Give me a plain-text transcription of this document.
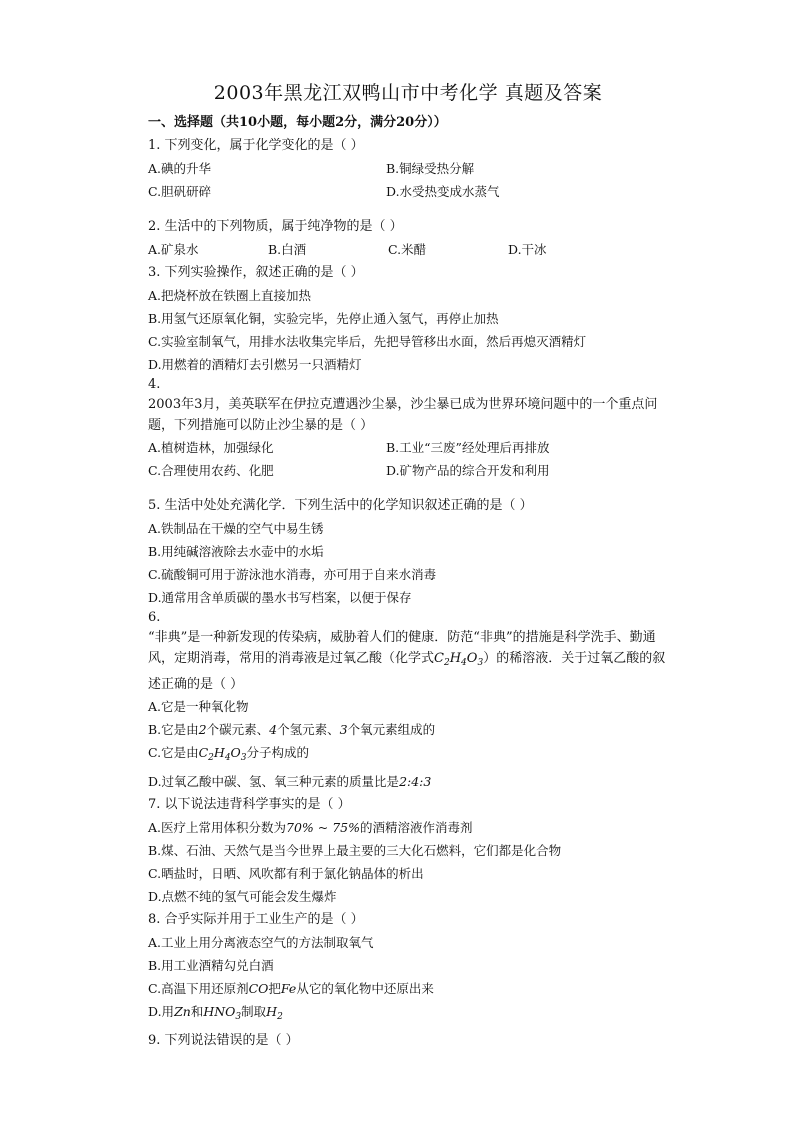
2003年黑龙江双鸭山市中考化学 真题及答案
一、选择题（共10小题，每小题2分，满分20分））
1. 下列变化，属于化学变化的是（ ）
A.碘的升华	B.铜绿受热分解
C.胆矾研碎	D.水受热变成水蒸气
2. 生活中的下列物质，属于纯净物的是（ ）
A.矿泉水	B.白酒	C.米醋	D.干冰
3. 下列实验操作，叙述正确的是（ ）
A.把烧杯放在铁圈上直接加热
B.用氢气还原氧化铜，实验完毕，先停止通入氢气，再停止加热
C.实验室制氧气，用排水法收集完毕后，先把导管移出水面，然后再熄灭酒精灯
D.用燃着的酒精灯去引燃另一只酒精灯
4.
2003年3月，美英联军在伊拉克遭遇沙尘暴，沙尘暴已成为世界环境问题中的一个重点问题，下列措施可以防止沙尘暴的是（ ）
A.植树造林，加强绿化	B.工业“三废”经处理后再排放
C.合理使用农药、化肥	D.矿物产品的综合开发和利用
5. 生活中处处充满化学．下列生活中的化学知识叙述正确的是（ ）
A.铁制品在干燥的空气中易生锈
B.用纯碱溶液除去水壶中的水垢
C.硫酸铜可用于游泳池水消毒，亦可用于自来水消毒
D.通常用含单质碳的墨水书写档案，以便于保存
6.
“非典”是一种新发现的传染病，威胁着人们的健康．防范“非典”的措施是科学洗手、勤通风，定期消毒，常用的消毒液是过氧乙酸（化学式$C_2H_4O_3$）的稀溶液．关于过氧乙酸的叙述正确的是（ ）
A.它是一种氧化物
B.它是由2个碳元素、4个氢元素、3个氧元素组成的
C.它是由$C_2H_4O_3$分子构成的
D.过氧乙酸中碳、氢、氧三种元素的质量比是2:4:3
7. 以下说法违背科学事实的是（ ）
A.医疗上常用体积分数为70% ~ 75%的酒精溶液作消毒剂
B.煤、石油、天然气是当今世界上最主要的三大化石燃料，它们都是化合物
C.晒盐时，日晒、风吹都有利于氯化钠晶体的析出
D.点燃不纯的氢气可能会发生爆炸
8. 合乎实际并用于工业生产的是（ ）
A.工业上用分离液态空气的方法制取氧气
B.用工业酒精勾兑白酒
C.高温下用还原剂CO把Fe从它的氧化物中还原出来
D.用Zn和$HNO_3$制取$H_2$
9. 下列说法错误的是（ ）
